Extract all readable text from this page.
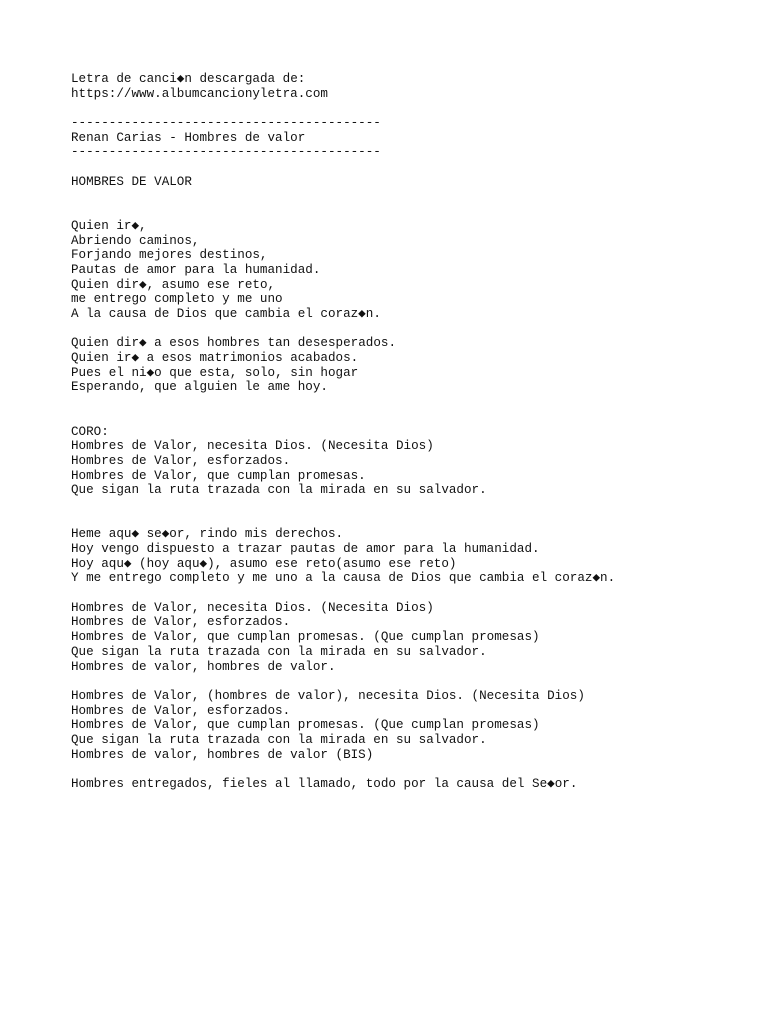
Letra de canci◆n descargada de:
https://www.albumcancionyletra.com
-----------------------------------------
Renan Carias - Hombres de valor
-----------------------------------------
HOMBRES DE VALOR
Quien ir◆,
Abriendo caminos,
Forjando mejores destinos,
Pautas de amor para la humanidad.
Quien dir◆, asumo ese reto,
me entrego completo y me uno
A la causa de Dios que cambia el coraz◆n.
Quien dir◆ a esos hombres tan desesperados.
Quien ir◆ a esos matrimonios acabados.
Pues el ni◆o que esta, solo, sin hogar
Esperando, que alguien le ame hoy.
CORO:
Hombres de Valor, necesita Dios. (Necesita Dios)
Hombres de Valor, esforzados.
Hombres de Valor, que cumplan promesas.
Que sigan la ruta trazada con la mirada en su salvador.
Heme aqu◆ se◆or, rindo mis derechos.
Hoy vengo dispuesto a trazar pautas de amor para la humanidad.
Hoy aqu◆ (hoy aqu◆), asumo ese reto(asumo ese reto)
Y me entrego completo y me uno a la causa de Dios que cambia el coraz◆n.
Hombres de Valor, necesita Dios. (Necesita Dios)
Hombres de Valor, esforzados.
Hombres de Valor, que cumplan promesas. (Que cumplan promesas)
Que sigan la ruta trazada con la mirada en su salvador.
Hombres de valor, hombres de valor.
Hombres de Valor, (hombres de valor), necesita Dios. (Necesita Dios)
Hombres de Valor, esforzados.
Hombres de Valor, que cumplan promesas. (Que cumplan promesas)
Que sigan la ruta trazada con la mirada en su salvador.
Hombres de valor, hombres de valor (BIS)
Hombres entregados, fieles al llamado, todo por la causa del Se◆or.
